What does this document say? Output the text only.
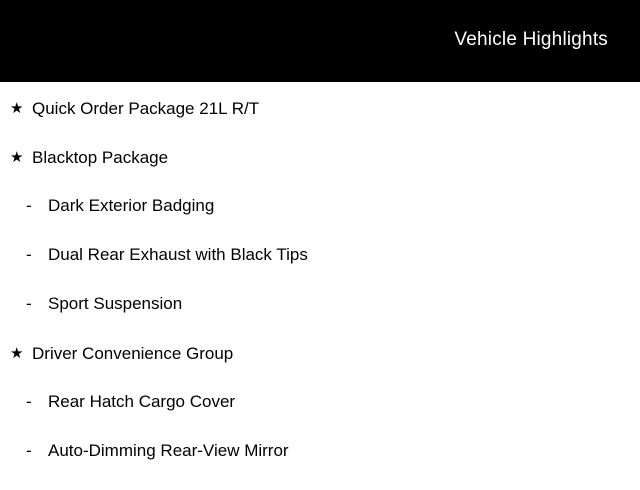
Vehicle Highlights
★ Quick Order Package 21L R/T
★ Blacktop Package
- Dark Exterior Badging
- Dual Rear Exhaust with Black Tips
- Sport Suspension
★ Driver Convenience Group
- Rear Hatch Cargo Cover
- Auto-Dimming Rear-View Mirror
